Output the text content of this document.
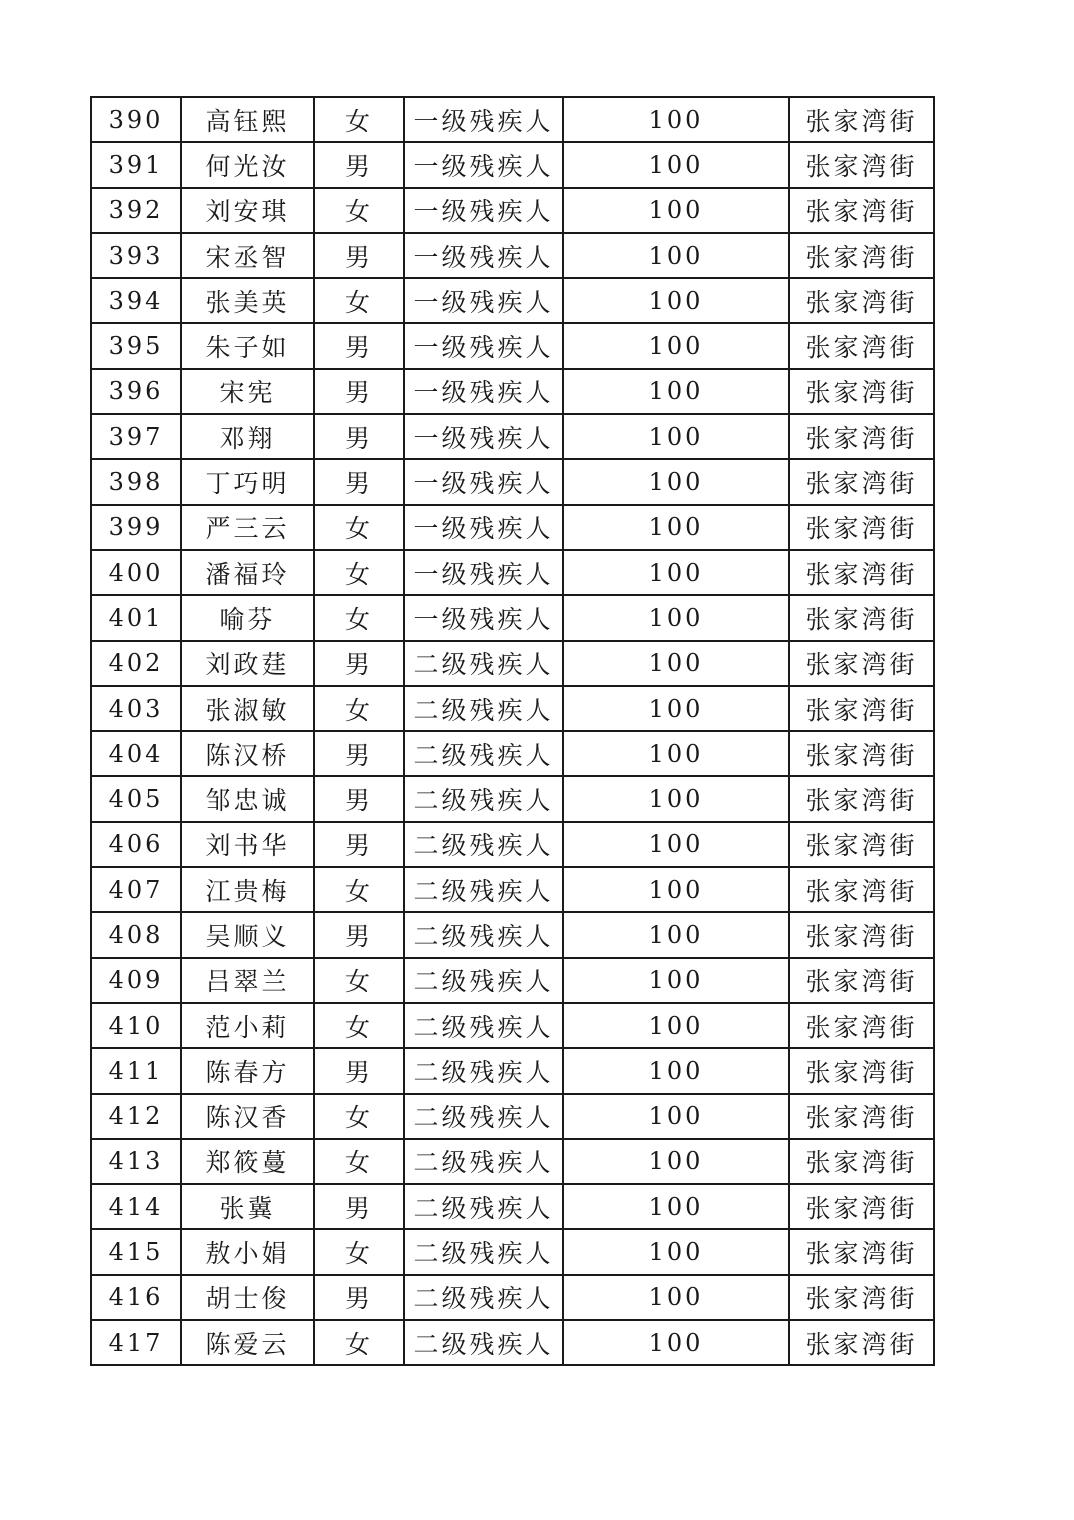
390	高钰熙	女	一级残疾人	100	张家湾街
391	何光汝	男	一级残疾人	100	张家湾街
392	刘安琪	女	一级残疾人	100	张家湾街
393	宋丞智	男	一级残疾人	100	张家湾街
394	张美英	女	一级残疾人	100	张家湾街
395	朱子如	男	一级残疾人	100	张家湾街
396	宋宪	男	一级残疾人	100	张家湾街
397	邓翔	男	一级残疾人	100	张家湾街
398	丁巧明	男	一级残疾人	100	张家湾街
399	严三云	女	一级残疾人	100	张家湾街
400	潘福玲	女	一级残疾人	100	张家湾街
401	喻芬	女	一级残疾人	100	张家湾街
402	刘政莛	男	二级残疾人	100	张家湾街
403	张淑敏	女	二级残疾人	100	张家湾街
404	陈汉桥	男	二级残疾人	100	张家湾街
405	邹忠诚	男	二级残疾人	100	张家湾街
406	刘书华	男	二级残疾人	100	张家湾街
407	江贵梅	女	二级残疾人	100	张家湾街
408	吴顺义	男	二级残疾人	100	张家湾街
409	吕翠兰	女	二级残疾人	100	张家湾街
410	范小莉	女	二级残疾人	100	张家湾街
411	陈春方	男	二级残疾人	100	张家湾街
412	陈汉香	女	二级残疾人	100	张家湾街
413	郑筱蔓	女	二级残疾人	100	张家湾街
414	张冀	男	二级残疾人	100	张家湾街
415	敖小娟	女	二级残疾人	100	张家湾街
416	胡士俊	男	二级残疾人	100	张家湾街
417	陈爱云	女	二级残疾人	100	张家湾街
